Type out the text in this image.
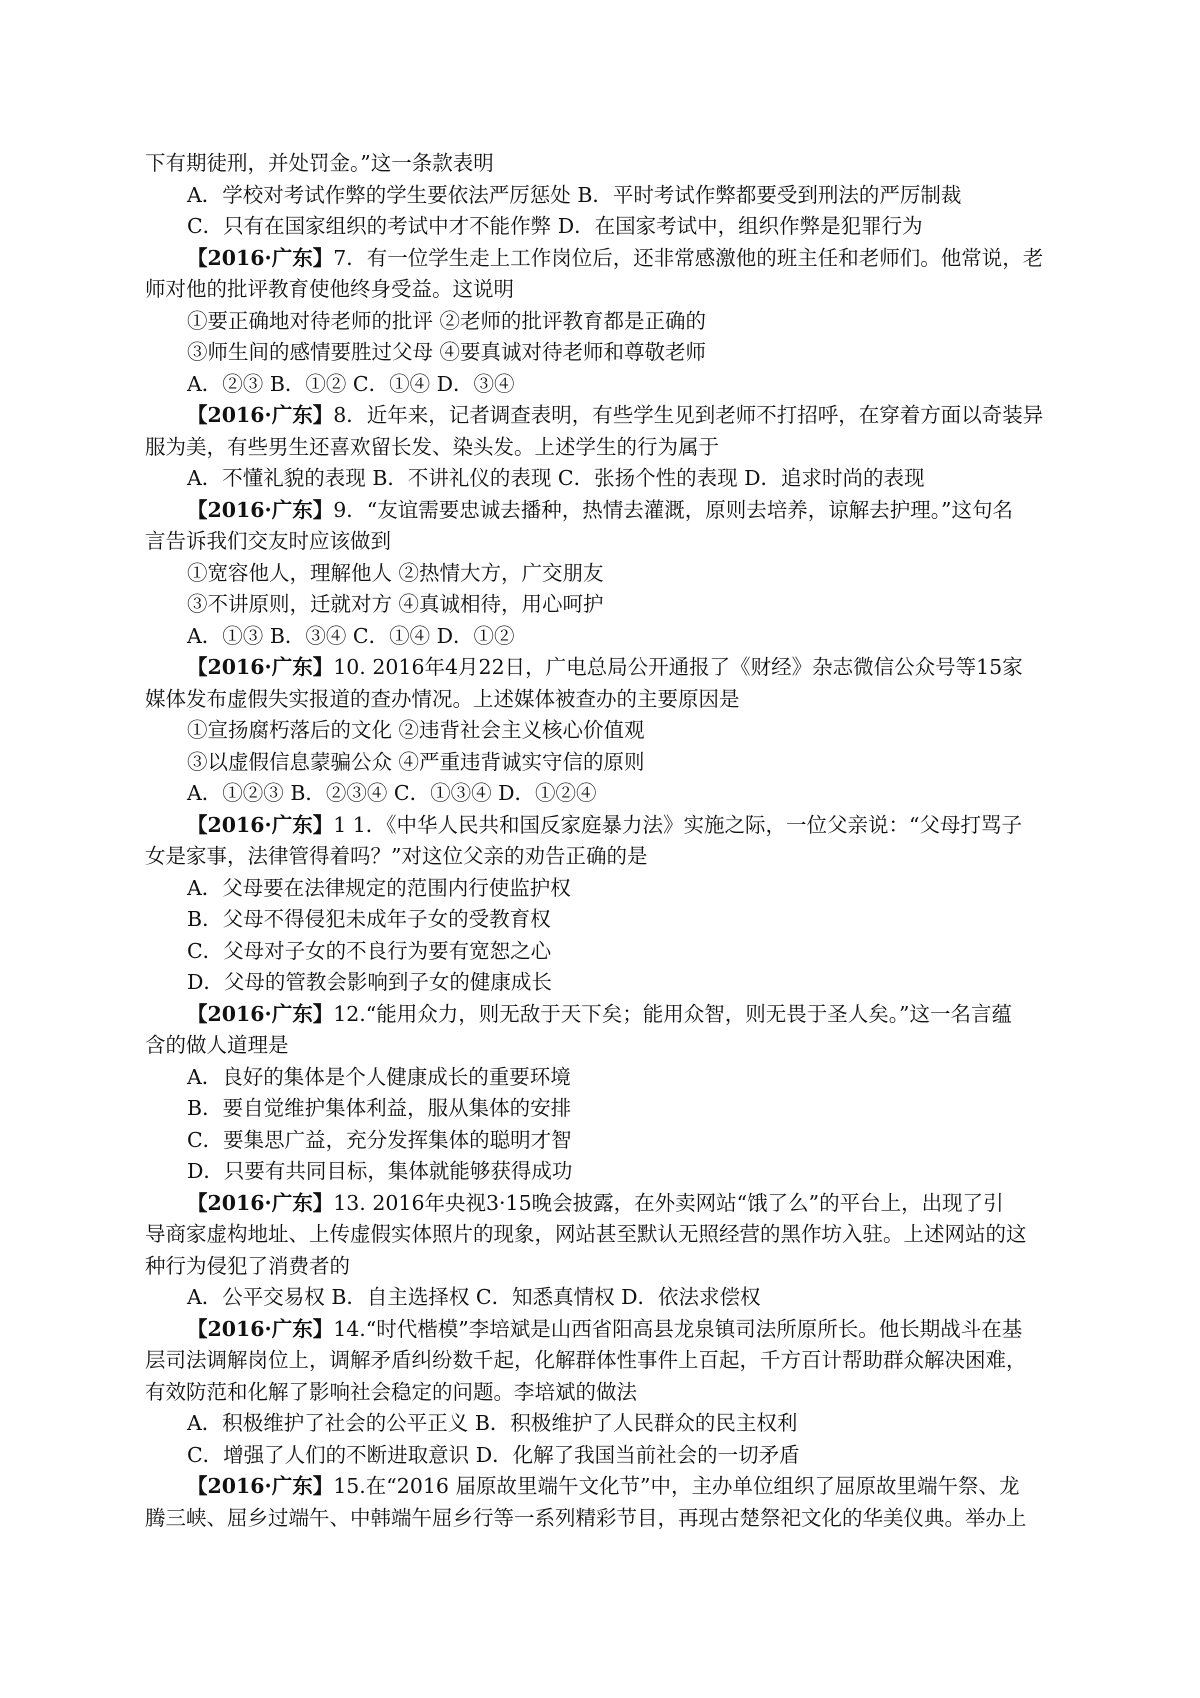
下有期徒刑，并处罚金。”这一条款表明
A．学校对考试作弊的学生要依法严厉惩处 B．平时考试作弊都要受到刑法的严厉制裁
C．只有在国家组织的考试中才不能作弊 D．在国家考试中，组织作弊是犯罪行为
【2016·广东】7．有一位学生走上工作岗位后，还非常感激他的班主任和老师们。他常说，老
师对他的批评教育使他终身受益。这说明
①要正确地对待老师的批评 ②老师的批评教育都是正确的
③师生间的感情要胜过父母 ④要真诚对待老师和尊敬老师
A．②③ B．①② C．①④ D．③④
【2016·广东】8．近年来，记者调查表明，有些学生见到老师不打招呼，在穿着方面以奇装异
服为美，有些男生还喜欢留长发、染头发。上述学生的行为属于
A．不懂礼貌的表现 B．不讲礼仪的表现 C．张扬个性的表现 D．追求时尚的表现
【2016·广东】9．“友谊需要忠诚去播种，热情去灌溉，原则去培养，谅解去护理。”这句名
言告诉我们交友时应该做到
①宽容他人，理解他人 ②热情大方，广交朋友
③不讲原则，迁就对方 ④真诚相待，用心呵护
A．①③ B．③④ C．①④ D．①②
【2016·广东】10. 2016年4月22日，广电总局公开通报了《财经》杂志微信公众号等15家
媒体发布虚假失实报道的查办情况。上述媒体被查办的主要原因是
①宣扬腐朽落后的文化 ②违背社会主义核心价值观
③以虚假信息蒙骗公众 ④严重违背诚实守信的原则
A．①②③ B．②③④ C．①③④ D．①②④
【2016·广东】1 1．《中华人民共和国反家庭暴力法》实施之际，一位父亲说：“父母打骂子
女是家事，法律管得着吗？”对这位父亲的劝告正确的是
A．父母要在法律规定的范围内行使监护权
B．父母不得侵犯未成年子女的受教育权
C．父母对子女的不良行为要有宽恕之心
D．父母的管教会影响到子女的健康成长
【2016·广东】12.“能用众力，则无敌于天下矣；能用众智，则无畏于圣人矣。”这一名言蕴
含的做人道理是
A．良好的集体是个人健康成长的重要环境
B．要自觉维护集体利益，服从集体的安排
C．要集思广益，充分发挥集体的聪明才智
D．只要有共同目标，集体就能够获得成功
【2016·广东】13. 2016年央视3·15晚会披露，在外卖网站“饿了么”的平台上，出现了引
导商家虚构地址、上传虚假实体照片的现象，网站甚至默认无照经营的黑作坊入驻。上述网站的这
种行为侵犯了消费者的
A．公平交易权 B．自主选择权 C．知悉真情权 D．依法求偿权
【2016·广东】14.“时代楷模”李培斌是山西省阳高县龙泉镇司法所原所长。他长期战斗在基
层司法调解岗位上，调解矛盾纠纷数千起，化解群体性事件上百起，千方百计帮助群众解决困难，
有效防范和化解了影响社会稳定的问题。李培斌的做法
A．积极维护了社会的公平正义 B．积极维护了人民群众的民主权利
C．增强了人们的不断进取意识 D．化解了我国当前社会的一切矛盾
【2016·广东】15.在“2016 届原故里端午文化节”中，主办单位组织了屈原故里端午祭、龙
腾三峡、屈乡过端午、中韩端午屈乡行等一系列精彩节目，再现古楚祭祀文化的华美仪典。举办上
